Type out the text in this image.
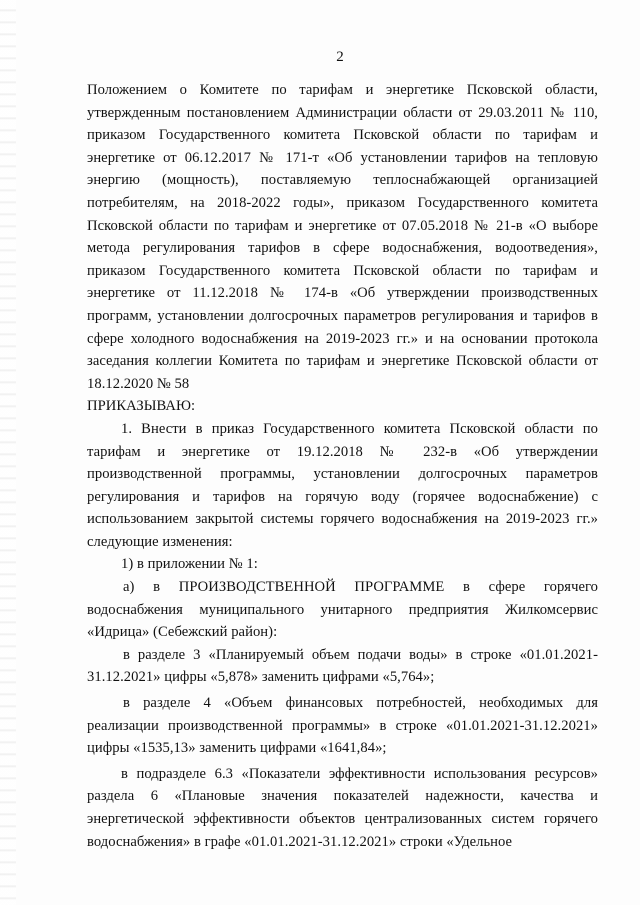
2

Положением о Комитете по тарифам и энергетике Псковской области, утвержденным постановлением Администрации области от 29.03.2011 № 110, приказом Государственного комитета Псковской области по тарифам и энергетике от 06.12.2017 № 171-т «Об установлении тарифов на тепловую энергию (мощность), поставляемую теплоснабжающей организацией потребителям, на 2018-2022 годы», приказом Государственного комитета Псковской области по тарифам и энергетике от 07.05.2018 № 21-в «О выборе метода регулирования тарифов в сфере водоснабжения, водоотведения», приказом Государственного комитета Псковской области по тарифам и энергетике от 11.12.2018 № 174-в «Об утверждении производственных программ, установлении долгосрочных параметров регулирования и тарифов в сфере холодного водоснабжения на 2019-2023 гг.» и на основании протокола заседания коллегии Комитета по тарифам и энергетике Псковской области от 18.12.2020 № 58

ПРИКАЗЫВАЮ:

1. Внести в приказ Государственного комитета Псковской области по тарифам и энергетике от 19.12.2018 № 232-в «Об утверждении производственной программы, установлении долгосрочных параметров регулирования и тарифов на горячую воду (горячее водоснабжение) с использованием закрытой системы горячего водоснабжения на 2019-2023 гг.» следующие изменения:

1) в приложении № 1:

а) в ПРОИЗВОДСТВЕННОЙ ПРОГРАММЕ в сфере горячего водоснабжения муниципального унитарного предприятия Жилкомсервис «Идрица» (Себежский район):

в разделе 3 «Планируемый объем подачи воды» в строке «01.01.2021-31.12.2021» цифры «5,878» заменить цифрами «5,764»;

в разделе 4 «Объем финансовых потребностей, необходимых для реализации производственной программы» в строке «01.01.2021-31.12.2021» цифры «1535,13» заменить цифрами «1641,84»;

в подразделе 6.3 «Показатели эффективности использования ресурсов» раздела 6 «Плановые значения показателей надежности, качества и энергетической эффективности объектов централизованных систем горячего водоснабжения» в графе «01.01.2021-31.12.2021» строки «Удельное
